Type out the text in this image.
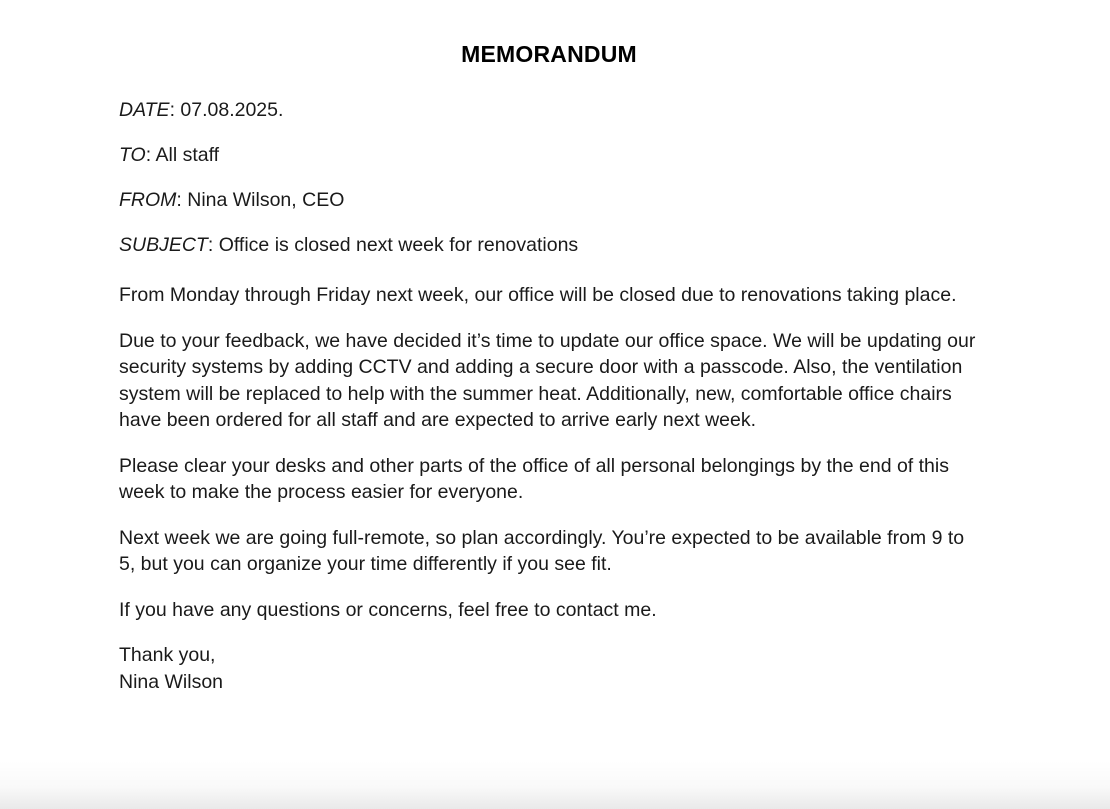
MEMORANDUM

DATE: 07.08.2025.

TO: All staff

FROM: Nina Wilson, CEO

SUBJECT: Office is closed next week for renovations

From Monday through Friday next week, our office will be closed due to renovations taking place.

Due to your feedback, we have decided it’s time to update our office space. We will be updating our security systems by adding CCTV and adding a secure door with a passcode. Also, the ventilation system will be replaced to help with the summer heat. Additionally, new, comfortable office chairs have been ordered for all staff and are expected to arrive early next week.

Please clear your desks and other parts of the office of all personal belongings by the end of this week to make the process easier for everyone.

Next week we are going full-remote, so plan accordingly. You’re expected to be available from 9 to 5, but you can organize your time differently if you see fit.

If you have any questions or concerns, feel free to contact me.

Thank you,
Nina Wilson
